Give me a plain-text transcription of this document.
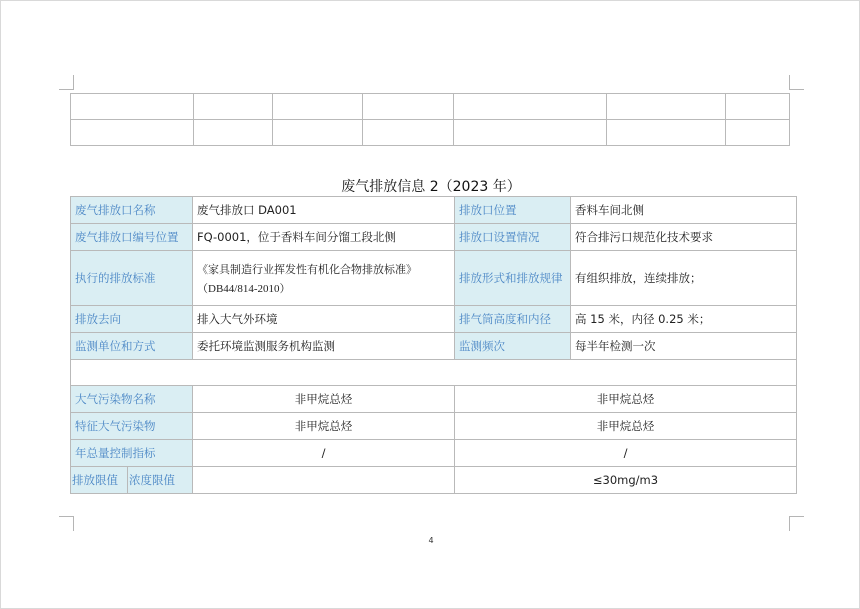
废气排放信息 2（2023 年）
废气排放口名称		废气排放口 DA001	排放口位置	香料车间北侧
废气排放口编号位置		FQ-0001，位于香料车间分馏工段北侧	排放口设置情况	符合排污口规范化技术要求
执行的排放标准		《家具制造行业挥发性有机化合物排放标准》
（DB44/814-2010）	排放形式和排放规律	有组织排放，连续排放；
排放去向		排入大气外环境	排气筒高度和内径	高 15 米，内径 0.25 米；
监测单位和方式		委托环境监测服务机构监测	监测频次	每半年检测一次

大气污染物名称		非甲烷总烃	非甲烷总烃	
特征大气污染物		非甲烷总烃	非甲烷总烃	
年总量控制指标		/	/	
排放限值	浓度限值		≤30mg/m3	
4
